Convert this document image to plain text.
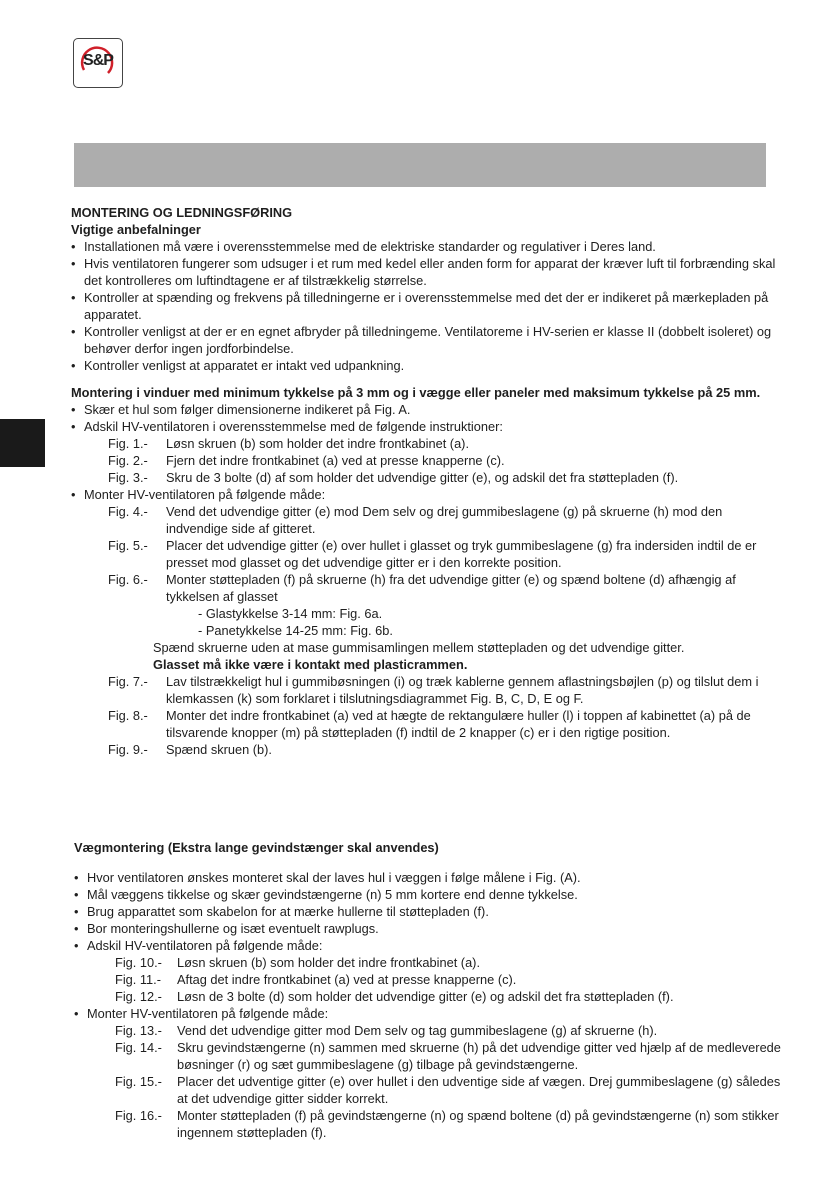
S&P

MONTERING OG LEDNINGSFØRING

Vigtige anbefalninger

• Installationen må være i overensstemmelse med de elektriske standarder og regulativer i Deres land.
• Hvis ventilatoren fungerer som udsuger i et rum med kedel eller anden form for apparat der kræver luft til forbrænding skal det kontrolleres om luftindtagene er af tilstrækkelig størrelse.
• Kontroller at spænding og frekvens på tilledningerne er i overensstemmelse med det der er indikeret på mærkepladen på apparatet.
• Kontroller venligst at der er en egnet afbryder på tilledningeme. Ventilatoreme i HV-serien er klasse II (dobbelt isoleret) og behøver derfor ingen jordforbindelse.
• Kontroller venligst at apparatet er intakt ved udpankning.

Montering i vinduer med minimum tykkelse på 3 mm og i vægge eller paneler med maksimum tykkelse på 25 mm.

• Skær et hul som følger dimensionerne indikeret på Fig. A.
• Adskil HV-ventilatoren i overensstemmelse med de følgende instruktioner:
Fig. 1.-	Løsn skruen (b) som holder det indre frontkabinet (a).
Fig. 2.-	Fjern det indre frontkabinet (a) ved at presse knapperne (c).
Fig. 3.-	Skru de 3 bolte (d) af som holder det udvendige gitter (e), og adskil det fra støttepladen (f).
• Monter HV-ventilatoren på følgende måde:
Fig. 4.-	Vend det udvendige gitter (e) mod Dem selv og drej gummibeslagene (g) på skruerne (h) mod den indvendige side af gitteret.
Fig. 5.-	Placer det udvendige gitter (e) over hullet i glasset og tryk gummibeslagene (g) fra indersiden indtil de er presset mod glasset og det udvendige gitter er i den korrekte position.
Fig. 6.-	Monter støttepladen (f) på skruerne (h) fra det udvendige gitter (e) og spænd boltene (d) afhængig af tykkelsen af glasset
- Glastykkelse 3-14 mm: Fig. 6a.
- Panetykkelse 14-25 mm: Fig. 6b.
Spænd skruerne uden at mase gummisamlingen mellem støttepladen og det udvendige gitter.
Glasset må ikke være i kontakt med plasticrammen.
Fig. 7.-	Lav tilstrækkeligt hul i gummibøsningen (i) og træk kablerne gennem aflastningsbøjlen (p) og tilslut dem i klemkassen (k) som forklaret i tilslutningsdiagrammet Fig. B, C, D, E og F.
Fig. 8.-	Monter det indre frontkabinet (a) ved at hægte de rektangulære huller (l) i toppen af kabinettet (a) på de tilsvarende knopper (m) på støttepladen (f) indtil de 2 knapper (c) er i den rigtige position.
Fig. 9.-	Spænd skruen (b).

Vægmontering (Ekstra lange gevindstænger skal anvendes)

• Hvor ventilatoren ønskes monteret skal der laves hul i væggen i følge målene i Fig. (A).
• Mål væggens tikkelse og skær gevindstængerne (n) 5 mm kortere end denne tykkelse.
• Brug apparattet som skabelon for at mærke hullerne til støttepladen (f).
• Bor monteringshullerne og isæt eventuelt rawplugs.
• Adskil HV-ventilatoren på følgende måde:
Fig. 10.-	Løsn skruen (b) som holder det indre frontkabinet (a).
Fig. 11.-	Aftag det indre frontkabinet (a) ved at presse knapperne (c).
Fig. 12.-	Løsn de 3 bolte (d) som holder det udvendige gitter (e) og adskil det fra støttepladen (f).
• Monter HV-ventilatoren på følgende måde:
Fig. 13.-	Vend det udvendige gitter mod Dem selv og tag gummibeslagene (g) af skruerne (h).
Fig. 14.-	Skru gevindstængerne (n) sammen med skruerne (h) på det udvendige gitter ved hjælp af de medleverede bøsninger (r) og sæt gummibeslagene (g) tilbage på gevindstængerne.
Fig. 15.-	Placer det udventige gitter (e) over hullet i den udventige side af vægen. Drej gummibeslagene (g) således at det udvendige gitter sidder korrekt.
Fig. 16.-	Monter støttepladen (f) på gevindstængerne (n) og spænd boltene (d) på gevindstængerne (n) som stikker ingennem støttepladen (f).
